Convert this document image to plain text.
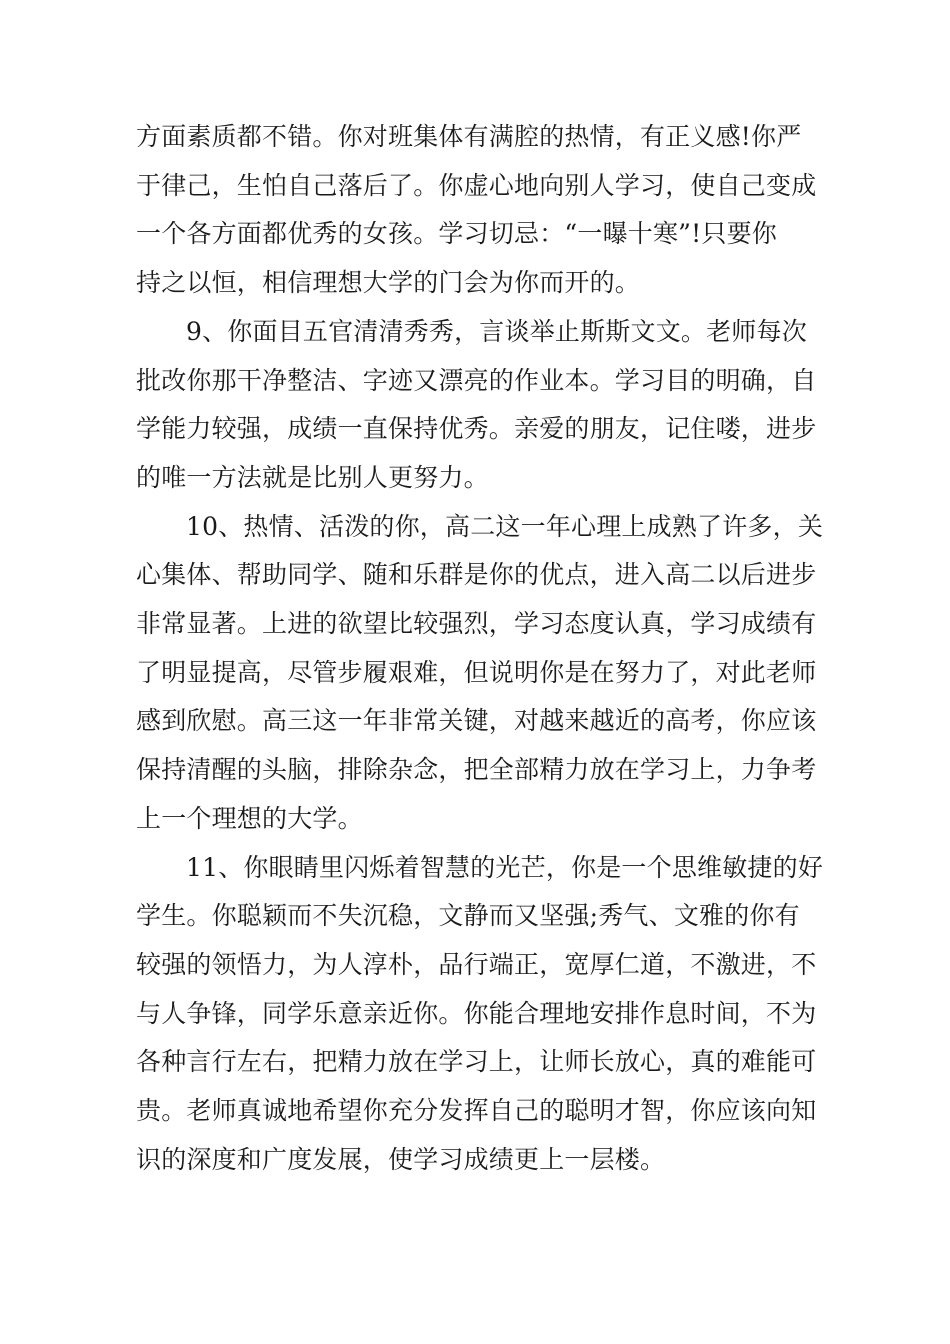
方面素质都不错。你对班集体有满腔的热情，有正义感!你严
于律己，生怕自己落后了。你虚心地向别人学习，使自己变成
一个各方面都优秀的女孩。学习切忌：“一曝十寒”!只要你
持之以恒，相信理想大学的门会为你而开的。

9、你面目五官清清秀秀，言谈举止斯斯文文。老师每次
批改你那干净整洁、字迹又漂亮的作业本。学习目的明确，自
学能力较强，成绩一直保持优秀。亲爱的朋友，记住喽，进步
的唯一方法就是比别人更努力。

10、热情、活泼的你，高二这一年心理上成熟了许多，关
心集体、帮助同学、随和乐群是你的优点，进入高二以后进步
非常显著。上进的欲望比较强烈，学习态度认真，学习成绩有
了明显提高，尽管步履艰难，但说明你是在努力了，对此老师
感到欣慰。高三这一年非常关键，对越来越近的高考，你应该
保持清醒的头脑，排除杂念，把全部精力放在学习上，力争考
上一个理想的大学。

11、你眼睛里闪烁着智慧的光芒，你是一个思维敏捷的好
学生。你聪颖而不失沉稳，文静而又坚强;秀气、文雅的你有
较强的领悟力，为人淳朴，品行端正，宽厚仁道，不激进，不
与人争锋，同学乐意亲近你。你能合理地安排作息时间，不为
各种言行左右，把精力放在学习上，让师长放心，真的难能可
贵。老师真诚地希望你充分发挥自己的聪明才智，你应该向知
识的深度和广度发展，使学习成绩更上一层楼。
